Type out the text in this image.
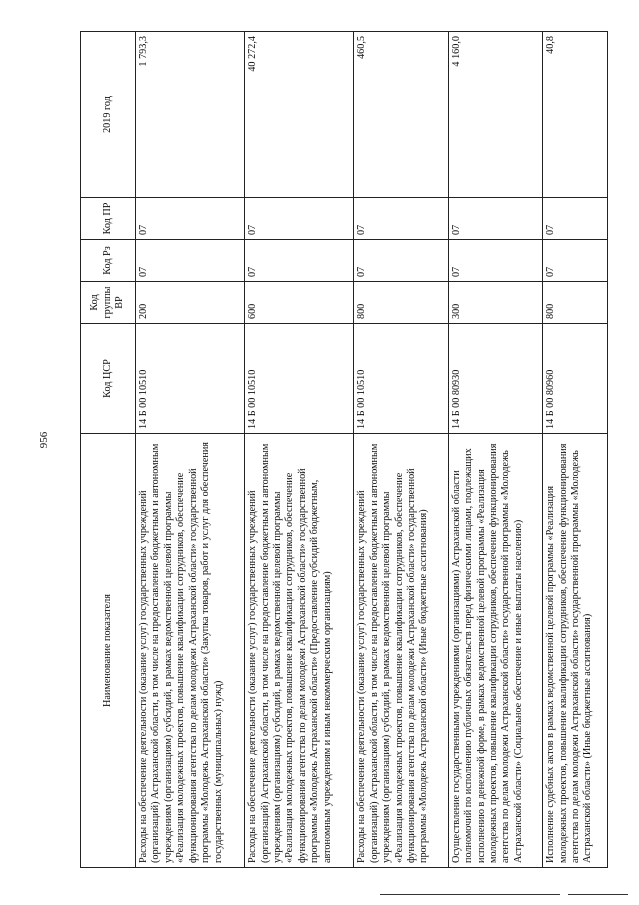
956
Наименование показателя	Код ЦСР	Код группы ВР	Код Рз	Код ПР	2019 год
Расходы на обеспечение деятельности (оказание услуг) государственных учреждений (организаций) Астраханской области, в том числе на предоставление бюджетным и автономным учреждениям (организациям) субсидий, в рамках ведомственной целевой программы «Реализация молодежных проектов, повышение квалификации сотрудников, обеспечение функционирования агентства по делам молодежи Астраханской области» государственной программы «Молодежь Астраханской области» (Закупка товаров, работ и услуг для обеспечения государственных (муниципальных) нужд)	14 Б 00 10510	200	07	07	1 793,3
Расходы на обеспечение деятельности (оказание услуг) государственных учреждений (организаций) Астраханской области, в том числе на предоставление бюджетным и автономным учреждениям (организациям) субсидий, в рамках ведомственной целевой программы «Реализация молодежных проектов, повышение квалификации сотрудников, обеспечение функционирования агентства по делам молодежи Астраханской области» государственной программы «Молодежь Астраханской области» (Предоставление субсидий бюджетным, автономным учреждениям и иным некоммерческим организациям)	14 Б 00 10510	600	07	07	40 272,4
Расходы на обеспечение деятельности (оказание услуг) государственных учреждений (организаций) Астраханской области, в том числе на предоставление бюджетным и автономным учреждениям (организациям) субсидий, в рамках ведомственной целевой программы «Реализация молодежных проектов, повышение квалификации сотрудников, обеспечение функционирования агентства по делам молодежи Астраханской области» государственной программы «Молодежь Астраханской области» (Иные бюджетные ассигнования)	14 Б 00 10510	800	07	07	460,5
Осуществление государственными учреждениями (организациями) Астраханской области полномочий по исполнению публичных обязательств перед физическими лицами, подлежащих исполнению в денежной форме, в рамках ведомственной целевой программы «Реализация молодежных проектов, повышение квалификации сотрудников, обеспечение функционирования агентства по делам молодежи Астраханской области» государственной программы «Молодежь Астраханской области» (Социальное обеспечение и иные выплаты населению)	14 Б 00 80930	300	07	07	4 160,0
Исполнение судебных актов в рамках ведомственной целевой программы «Реализация молодежных проектов, повышение квалификации сотрудников, обеспечение функционирования агентства по делам молодежи Астраханской области» государственной программы «Молодежь Астраханской области» (Иные бюджетные ассигнования)	14 Б 00 80960	800	07	07	40,8
